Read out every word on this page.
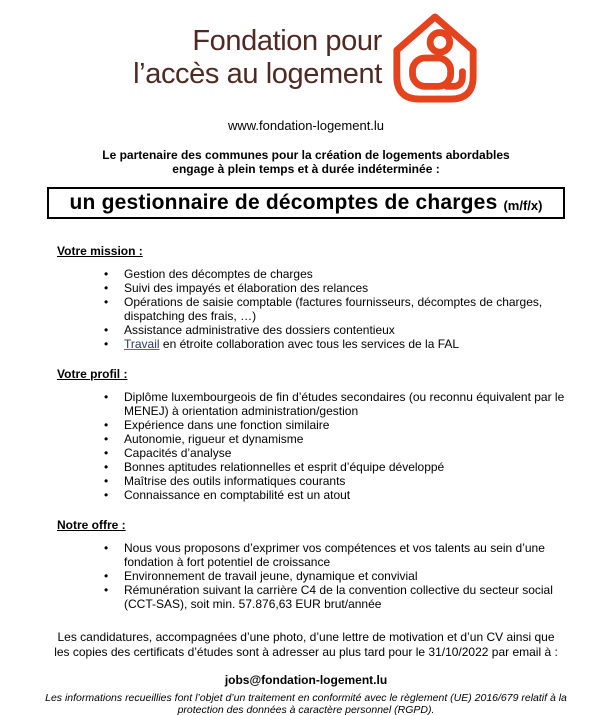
Fondation pour
l’accès au logement
www.fondation-logement.lu
Le partenaire des communes pour la création de logements abordables
engage à plein temps et à durée indéterminée :
un gestionnaire de décomptes de charges (m/f/x)
Votre mission :
• Gestion des décomptes de charges
• Suivi des impayés et élaboration des relances
• Opérations de saisie comptable (factures fournisseurs, décomptes de charges, dispatching des frais, …)
• Assistance administrative des dossiers contentieux
• Travail en étroite collaboration avec tous les services de la FAL
Votre profil :
• Diplôme luxembourgeois de fin d’études secondaires (ou reconnu équivalent par le MENEJ) à orientation administration/gestion
• Expérience dans une fonction similaire
• Autonomie, rigueur et dynamisme
• Capacités d’analyse
• Bonnes aptitudes relationnelles et esprit d’équipe développé
• Maîtrise des outils informatiques courants
• Connaissance en comptabilité est un atout
Notre offre :
• Nous vous proposons d’exprimer vos compétences et vos talents au sein d’une fondation à fort potentiel de croissance
• Environnement de travail jeune, dynamique et convivial
• Rémunération suivant la carrière C4 de la convention collective du secteur social (CCT-SAS), soit min. 57.876,63 EUR brut/année

Les candidatures, accompagnées d’une photo, d’une lettre de motivation et d’un CV ainsi que les copies des certificats d’études sont à adresser au plus tard pour le 31/10/2022 par email à :

jobs@fondation-logement.lu

Les informations recueillies font l’objet d’un traitement en conformité avec le règlement (UE) 2016/679 relatif à la protection des données à caractère personnel (RGPD).
